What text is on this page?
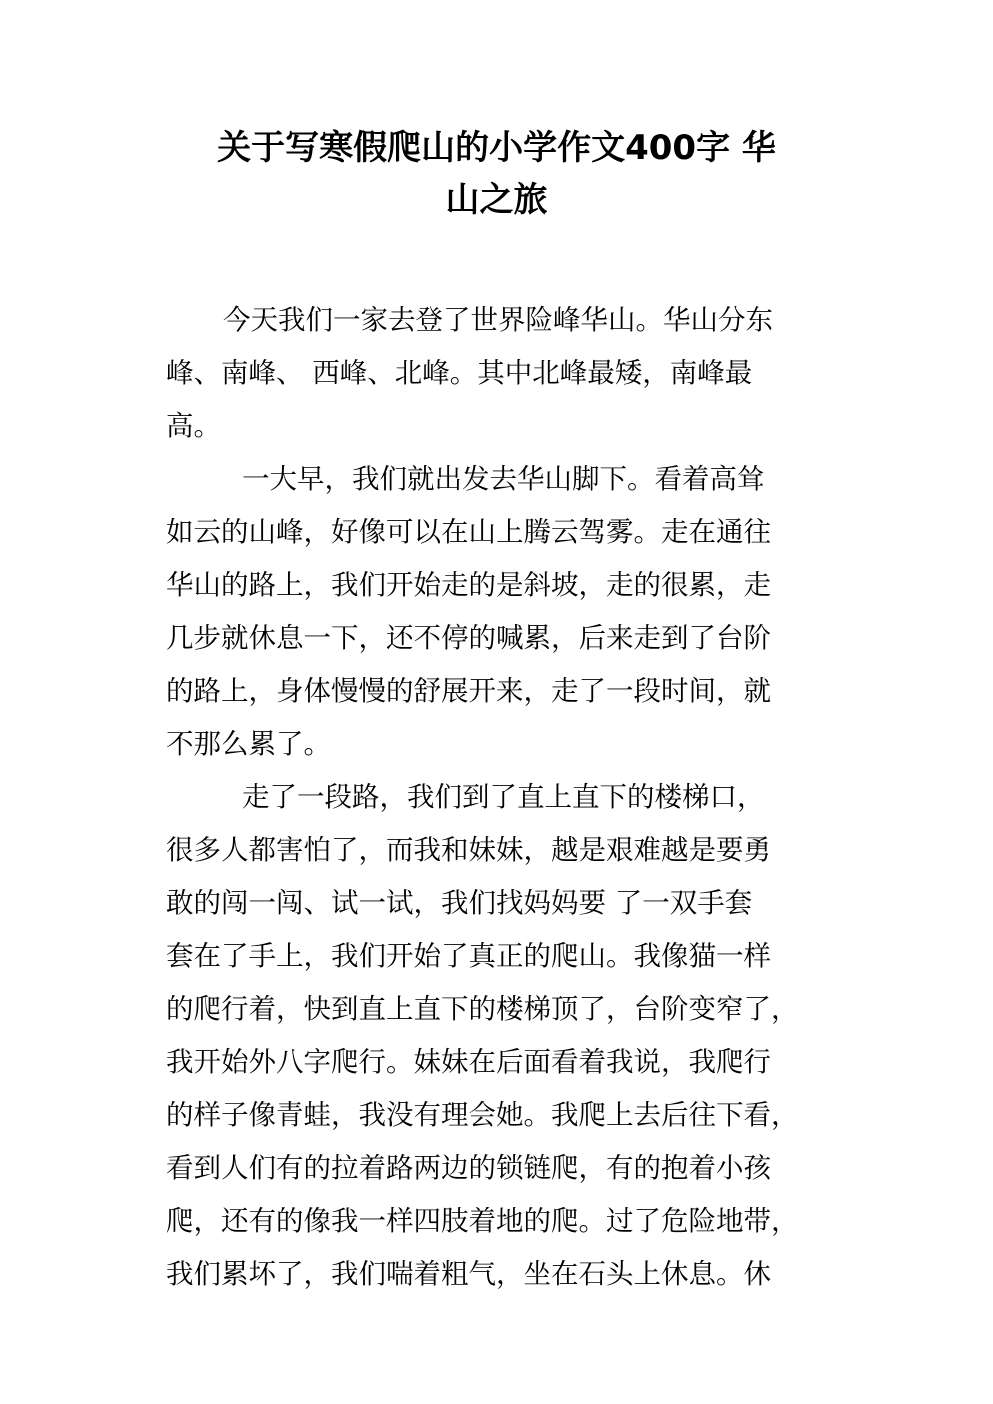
关于写寒假爬山的小学作文400字 华
山之旅
今天我们一家去登了世界险峰华山。华山分东
峰、南峰、 西峰、北峰。其中北峰最矮，南峰最
高。
一大早，我们就出发去华山脚下。看着高耸
如云的山峰，好像可以在山上腾云驾雾。走在通往
华山的路上，我们开始走的是斜坡，走的很累，走
几步就休息一下，还不停的喊累，后来走到了台阶
的路上，身体慢慢的舒展开来，走了一段时间，就
不那么累了。
走了一段路，我们到了直上直下的楼梯口，
很多人都害怕了，而我和妹妹，越是艰难越是要勇
敢的闯一闯、试一试，我们找妈妈要 了一双手套
套在了手上，我们开始了真正的爬山。我像猫一样
的爬行着，快到直上直下的楼梯顶了，台阶变窄了，
我开始外八字爬行。妹妹在后面看着我说，我爬行
的样子像青蛙，我没有理会她。我爬上去后往下看，
看到人们有的拉着路两边的锁链爬，有的抱着小孩
爬，还有的像我一样四肢着地的爬。过了危险地带，
我们累坏了，我们喘着粗气，坐在石头上休息。休
